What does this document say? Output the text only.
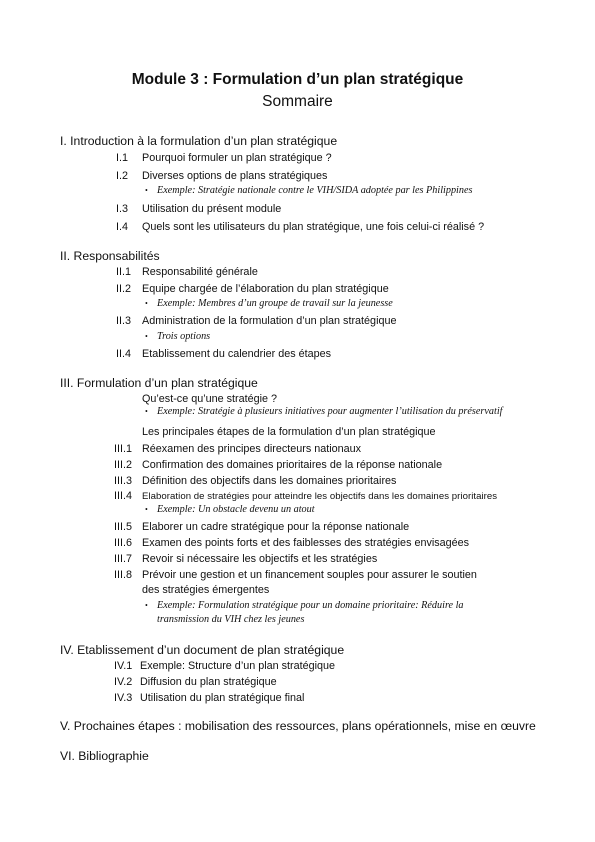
Module 3 : Formulation d’un plan stratégique
Sommaire
I. Introduction à la formulation d’un plan stratégique
I.1 Pourquoi formuler un plan stratégique ?
I.2 Diverses options de plans stratégiques
• Exemple: Stratégie nationale contre le VIH/SIDA adoptée par les Philippines
I.3 Utilisation du présent module
I.4 Quels sont les utilisateurs du plan stratégique, une fois celui-ci réalisé ?
II. Responsabilités
II.1 Responsabilité générale
II.2 Equipe chargée de l’élaboration du plan stratégique
• Exemple: Membres d’un groupe de travail sur la jeunesse
II.3 Administration de la formulation d’un plan stratégique
• Trois options
II.4 Etablissement du calendrier des étapes
III. Formulation d’un plan stratégique
Qu’est-ce qu’une stratégie ?
• Exemple: Stratégie à plusieurs initiatives pour augmenter l’utilisation du préservatif
Les principales étapes de la formulation d’un plan stratégique
III.1 Réexamen des principes directeurs nationaux
III.2 Confirmation des domaines prioritaires de la réponse nationale
III.3 Définition des objectifs dans les domaines prioritaires
III.4 Elaboration de stratégies pour atteindre les objectifs dans les domaines prioritaires
• Exemple: Un obstacle devenu un atout
III.5 Elaborer un cadre stratégique pour la réponse nationale
III.6 Examen des points forts et des faiblesses des stratégies envisagées
III.7 Revoir si nécessaire les objectifs et les stratégies
III.8 Prévoir une gestion et un financement souples pour assurer le soutien
des stratégies émergentes
• Exemple: Formulation stratégique pour un domaine prioritaire: Réduire la
transmission du VIH chez les jeunes
IV. Etablissement d’un document de plan stratégique
IV.1 Exemple: Structure d’un plan stratégique
IV.2 Diffusion du plan stratégique
IV.3 Utilisation du plan stratégique final
V. Prochaines étapes : mobilisation des ressources, plans opérationnels, mise en œuvre
VI. Bibliographie
